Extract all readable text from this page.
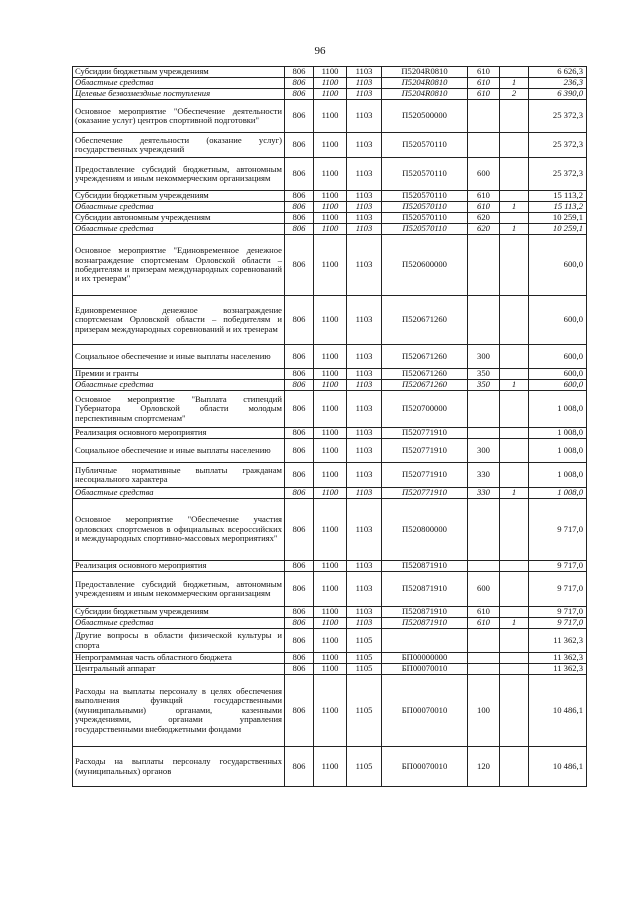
96
Субсидии бюджетным учреждениям	806	1100	1103	П5204R0810	610		6 626,3
Областные средства	806	1100	1103	П5204R0810	610	1	236,3
Целевые безвозмездные поступления	806	1100	1103	П5204R0810	610	2	6 390,0
Основное мероприятие "Обеспечение деятельности (оказание услуг) центров спортивной подготовки"	806	1100	1103	П520500000			25 372,3
Обеспечение деятельности (оказание услуг) государственных учреждений	806	1100	1103	П520570110			25 372,3
Предоставление субсидий бюджетным, автономным учреждениям и иным некоммерческим организациям	806	1100	1103	П520570110	600		25 372,3
Субсидии бюджетным учреждениям	806	1100	1103	П520570110	610		15 113,2
Областные средства	806	1100	1103	П520570110	610	1	15 113,2
Субсидии автономным учреждениям	806	1100	1103	П520570110	620		10 259,1
Областные средства	806	1100	1103	П520570110	620	1	10 259,1
Основное мероприятие "Единовременное денежное вознаграждение спортсменам Орловской области – победителям и призерам международных соревнований и их тренерам"	806	1100	1103	П520600000			600,0
Единовременное денежное вознаграждение спортсменам Орловской области – победителям и призерам международных соревнований и их тренерам	806	1100	1103	П520671260			600,0
Социальное обеспечение и иные выплаты населению	806	1100	1103	П520671260	300		600,0
Премии и гранты	806	1100	1103	П520671260	350		600,0
Областные средства	806	1100	1103	П520671260	350	1	600,0
Основное мероприятие "Выплата стипендий Губернатора Орловской области молодым перспективным спортсменам"	806	1100	1103	П520700000			1 008,0
Реализация основного мероприятия	806	1100	1103	П520771910			1 008,0
Социальное обеспечение и иные выплаты населению	806	1100	1103	П520771910	300		1 008,0
Публичные нормативные выплаты гражданам несоциального характера	806	1100	1103	П520771910	330		1 008,0
Областные средства	806	1100	1103	П520771910	330	1	1 008,0
Основное мероприятие "Обеспечение участия орловских спортсменов в официальных всероссийских и международных спортивно-массовых мероприятиях"	806	1100	1103	П520800000			9 717,0
Реализация основного мероприятия	806	1100	1103	П520871910			9 717,0
Предоставление субсидий бюджетным, автономным учреждениям и иным некоммерческим организациям	806	1100	1103	П520871910	600		9 717,0
Субсидии бюджетным учреждениям	806	1100	1103	П520871910	610		9 717,0
Областные средства	806	1100	1103	П520871910	610	1	9 717,0
Другие вопросы в области физической культуры и спорта	806	1100	1105				11 362,3
Непрограммная часть областного бюджета	806	1100	1105	БП00000000			11 362,3
Центральный аппарат	806	1100	1105	БП00070010			11 362,3
Расходы на выплаты персоналу в целях обеспечения выполнения функций государственными (муниципальными) органами, казенными учреждениями, органами управления государственными внебюджетными фондами	806	1100	1105	БП00070010	100		10 486,1
Расходы на выплаты персоналу государственных (муниципальных) органов	806	1100	1105	БП00070010	120		10 486,1
